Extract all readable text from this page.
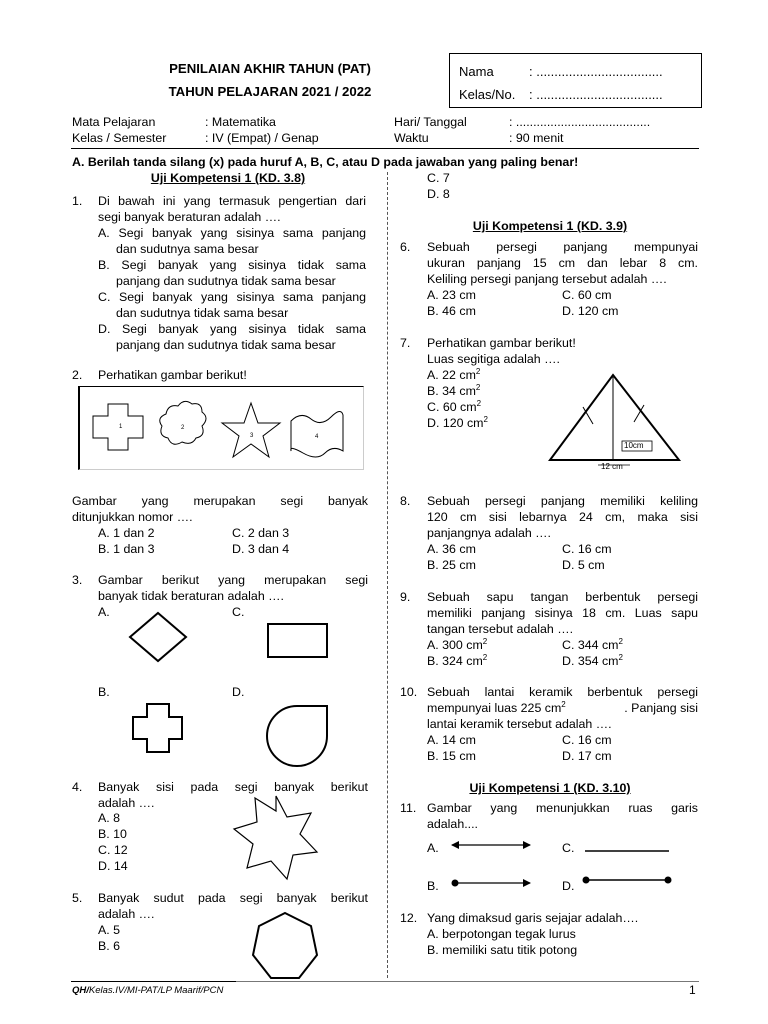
PENILAIAN AKHIR TAHUN (PAT)
TAHUN PELAJARAN 2021 / 2022
Nama	: ...................................
Kelas/No. : ...................................
Mata Pelajaran	: Matematika
Kelas / Semester	: IV (Empat) / Genap
Hari/ Tanggal	: .......................................
Waktu	: 90 menit
A. Berilah tanda silang (x) pada huruf A, B, C, atau D pada jawaban yang paling benar!
Uji Kompetensi 1 (KD. 3.8)
1. Di bawah ini yang termasuk pengertian dari
segi banyak beraturan adalah ….
A. Segi banyak yang sisinya sama panjang
dan sudutnya sama besar
B. Segi banyak yang sisinya tidak sama
panjang dan sudutnya tidak sama besar
C. Segi banyak yang sisinya sama panjang
dan sudutnya tidak sama besar
D. Segi banyak yang sisinya tidak sama
panjang dan sudutnya tidak sama besar
2. Perhatikan gambar berikut!
1	2
3	4
Gambar yang merupakan segi banyak
ditunjukkan nomor ….
A. 1 dan 2	C. 2 dan 3
B. 1 dan 3	D. 3 dan 4
3. Gambar berikut yang merupakan segi
banyak tidak beraturan adalah ….
A.	C.
B.	D.
4. Banyak sisi pada segi banyak berikut
adalah ….
A. 8
B. 10
C. 12
D. 14
5. Banyak sudut pada segi banyak berikut
adalah ….
A. 5
B. 6
C. 7
D. 8
Uji Kompetensi 1 (KD. 3.9)
6. Sebuah persegi panjang mempunyai
ukuran panjang 15 cm dan lebar 8 cm.
Keliling persegi panjang tersebut adalah ….
A. 23 cm	C. 60 cm
B. 46 cm	D. 120 cm
7. Perhatikan gambar berikut!
Luas segitiga adalah ….
A. 22 $cm^2$
B. 34 $cm^2$
C. 60 $cm^2$
D. 120 $cm^2$
10cm
12 cm
8. Sebuah persegi panjang memiliki keliling
120 cm sisi lebarnya 24 cm, maka sisi
panjangnya adalah ….
A. 36 cm	C. 16 cm
B. 25 cm	D. 5 cm
9. Sebuah sapu tangan berbentuk persegi
memiliki panjang sisinya 18 cm. Luas sapu
tangan tersebut adalah ….
A. 300 $cm^2$	C. 344 $cm^2$
B. 324 $cm^2$	D. 354 $cm^2$
10. Sebuah lantai keramik berbentuk persegi
mempunyai luas 225 $cm^2$	. Panjang sisi
lantai keramik tersebut adalah ….
A. 14 cm	C. 16 cm
B. 15 cm	D. 17 cm
Uji Kompetensi 1 (KD. 3.10)
11. Gambar yang menunjukkan ruas garis
adalah....
A.	C.
B.	D.
12. Yang dimaksud garis sejajar adalah….
A. berpotongan tegak lurus
B. memiliki satu titik potong
QH/Kelas.IV/MI-PAT/LP Maarif/PCN	1
